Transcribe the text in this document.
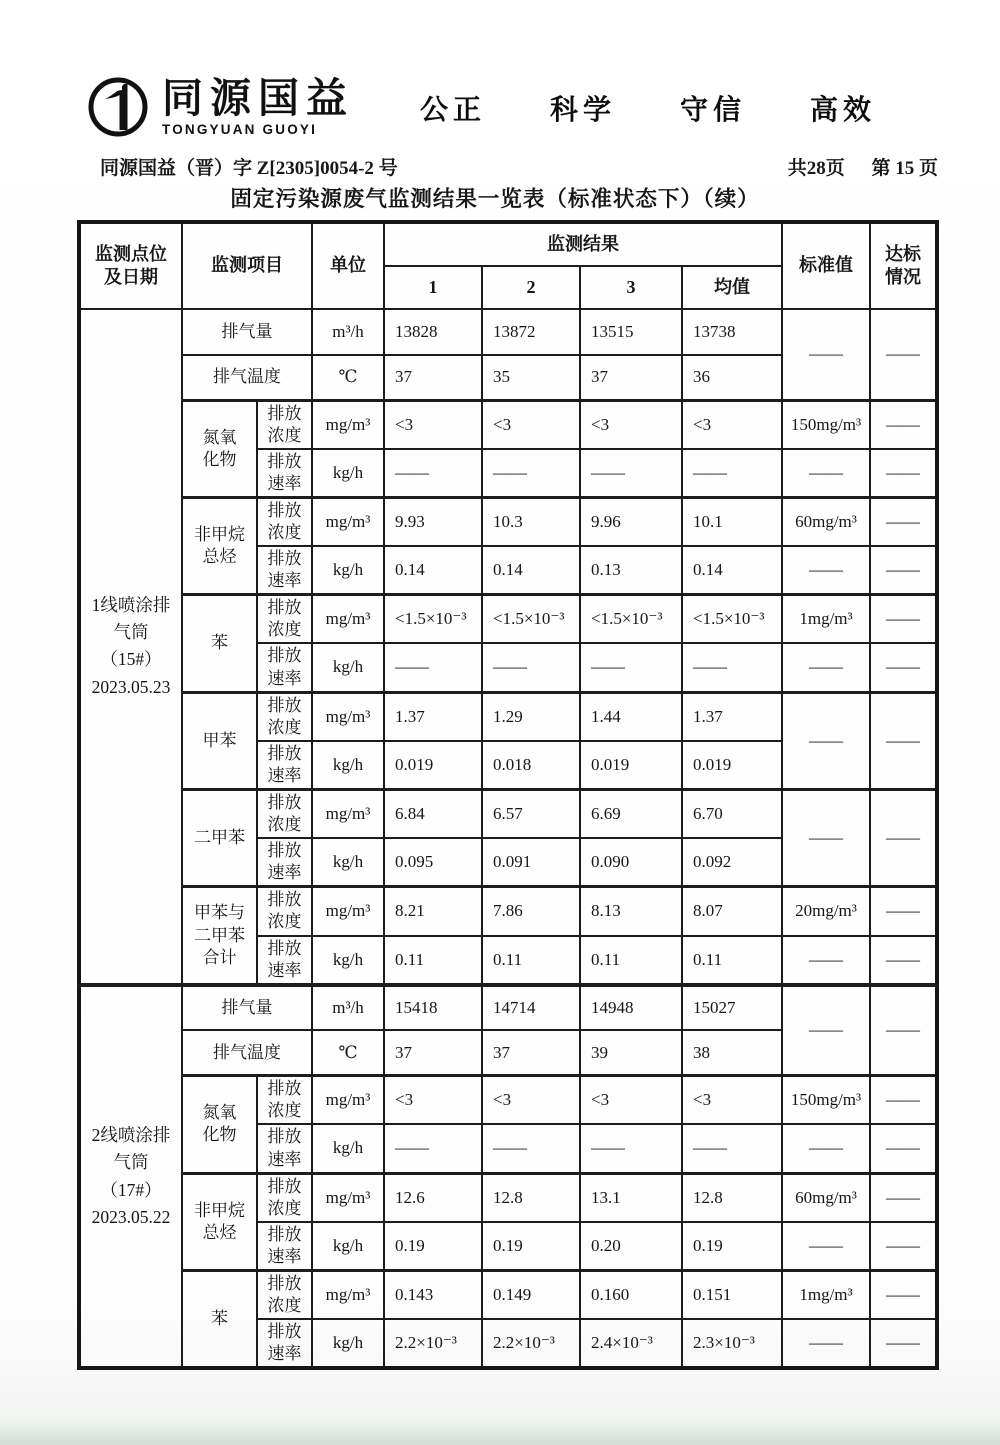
同源国益
TONGYUAN GUOYI
公正 科学 守信 高效
同源国益（晋）字 Z[2305]0054-2 号	共28页 第 15 页
固定污染源废气监测结果一览表（标准状态下）（续）
监测点位
及日期	监测项目		单位	监测结果				标准值	达标
情况
				1	2	3	均值		
1线喷涂排
气筒（15#）
2023.05.23	排气量		m³/h	13828	13872	13515	13738	——	——
	排气温度		℃	37	35	37	36		
	氮氧
化物	排放
浓度	mg/m³	<3	<3	<3	<3	150mg/m³	——
		排放
速率	kg/h	——	——	——	——	——	——
	非甲烷
总烃	排放
浓度	mg/m³	9.93	10.3	9.96	10.1	60mg/m³	——
		排放
速率	kg/h	0.14	0.14	0.13	0.14	——	——
	苯	排放
浓度	mg/m³	<1.5×10⁻³	<1.5×10⁻³	<1.5×10⁻³	<1.5×10⁻³	1mg/m³	——
		排放
速率	kg/h	——	——	——	——	——	——
	甲苯	排放
浓度	mg/m³	1.37	1.29	1.44	1.37	——	——
		排放
速率	kg/h	0.019	0.018	0.019	0.019		
	二甲苯	排放
浓度	mg/m³	6.84	6.57	6.69	6.70	——	——
		排放
速率	kg/h	0.095	0.091	0.090	0.092		
	甲苯与
二甲苯
合计	排放
浓度	mg/m³	8.21	7.86	8.13	8.07	20mg/m³	——
		排放
速率	kg/h	0.11	0.11	0.11	0.11	——	——
2线喷涂排
气筒（17#）
2023.05.22	排气量		m³/h	15418	14714	14948	15027	——	——
	排气温度		℃	37	37	39	38		
	氮氧
化物	排放
浓度	mg/m³	<3	<3	<3	<3	150mg/m³	——
		排放
速率	kg/h	——	——	——	——	——	——
	非甲烷
总烃	排放
浓度	mg/m³	12.6	12.8	13.1	12.8	60mg/m³	——
		排放
速率	kg/h	0.19	0.19	0.20	0.19	——	——
	苯	排放
浓度	mg/m³	0.143	0.149	0.160	0.151	1mg/m³	——
		排放
速率	kg/h	2.2×10⁻³	2.2×10⁻³	2.4×10⁻³	2.3×10⁻³	——	——
